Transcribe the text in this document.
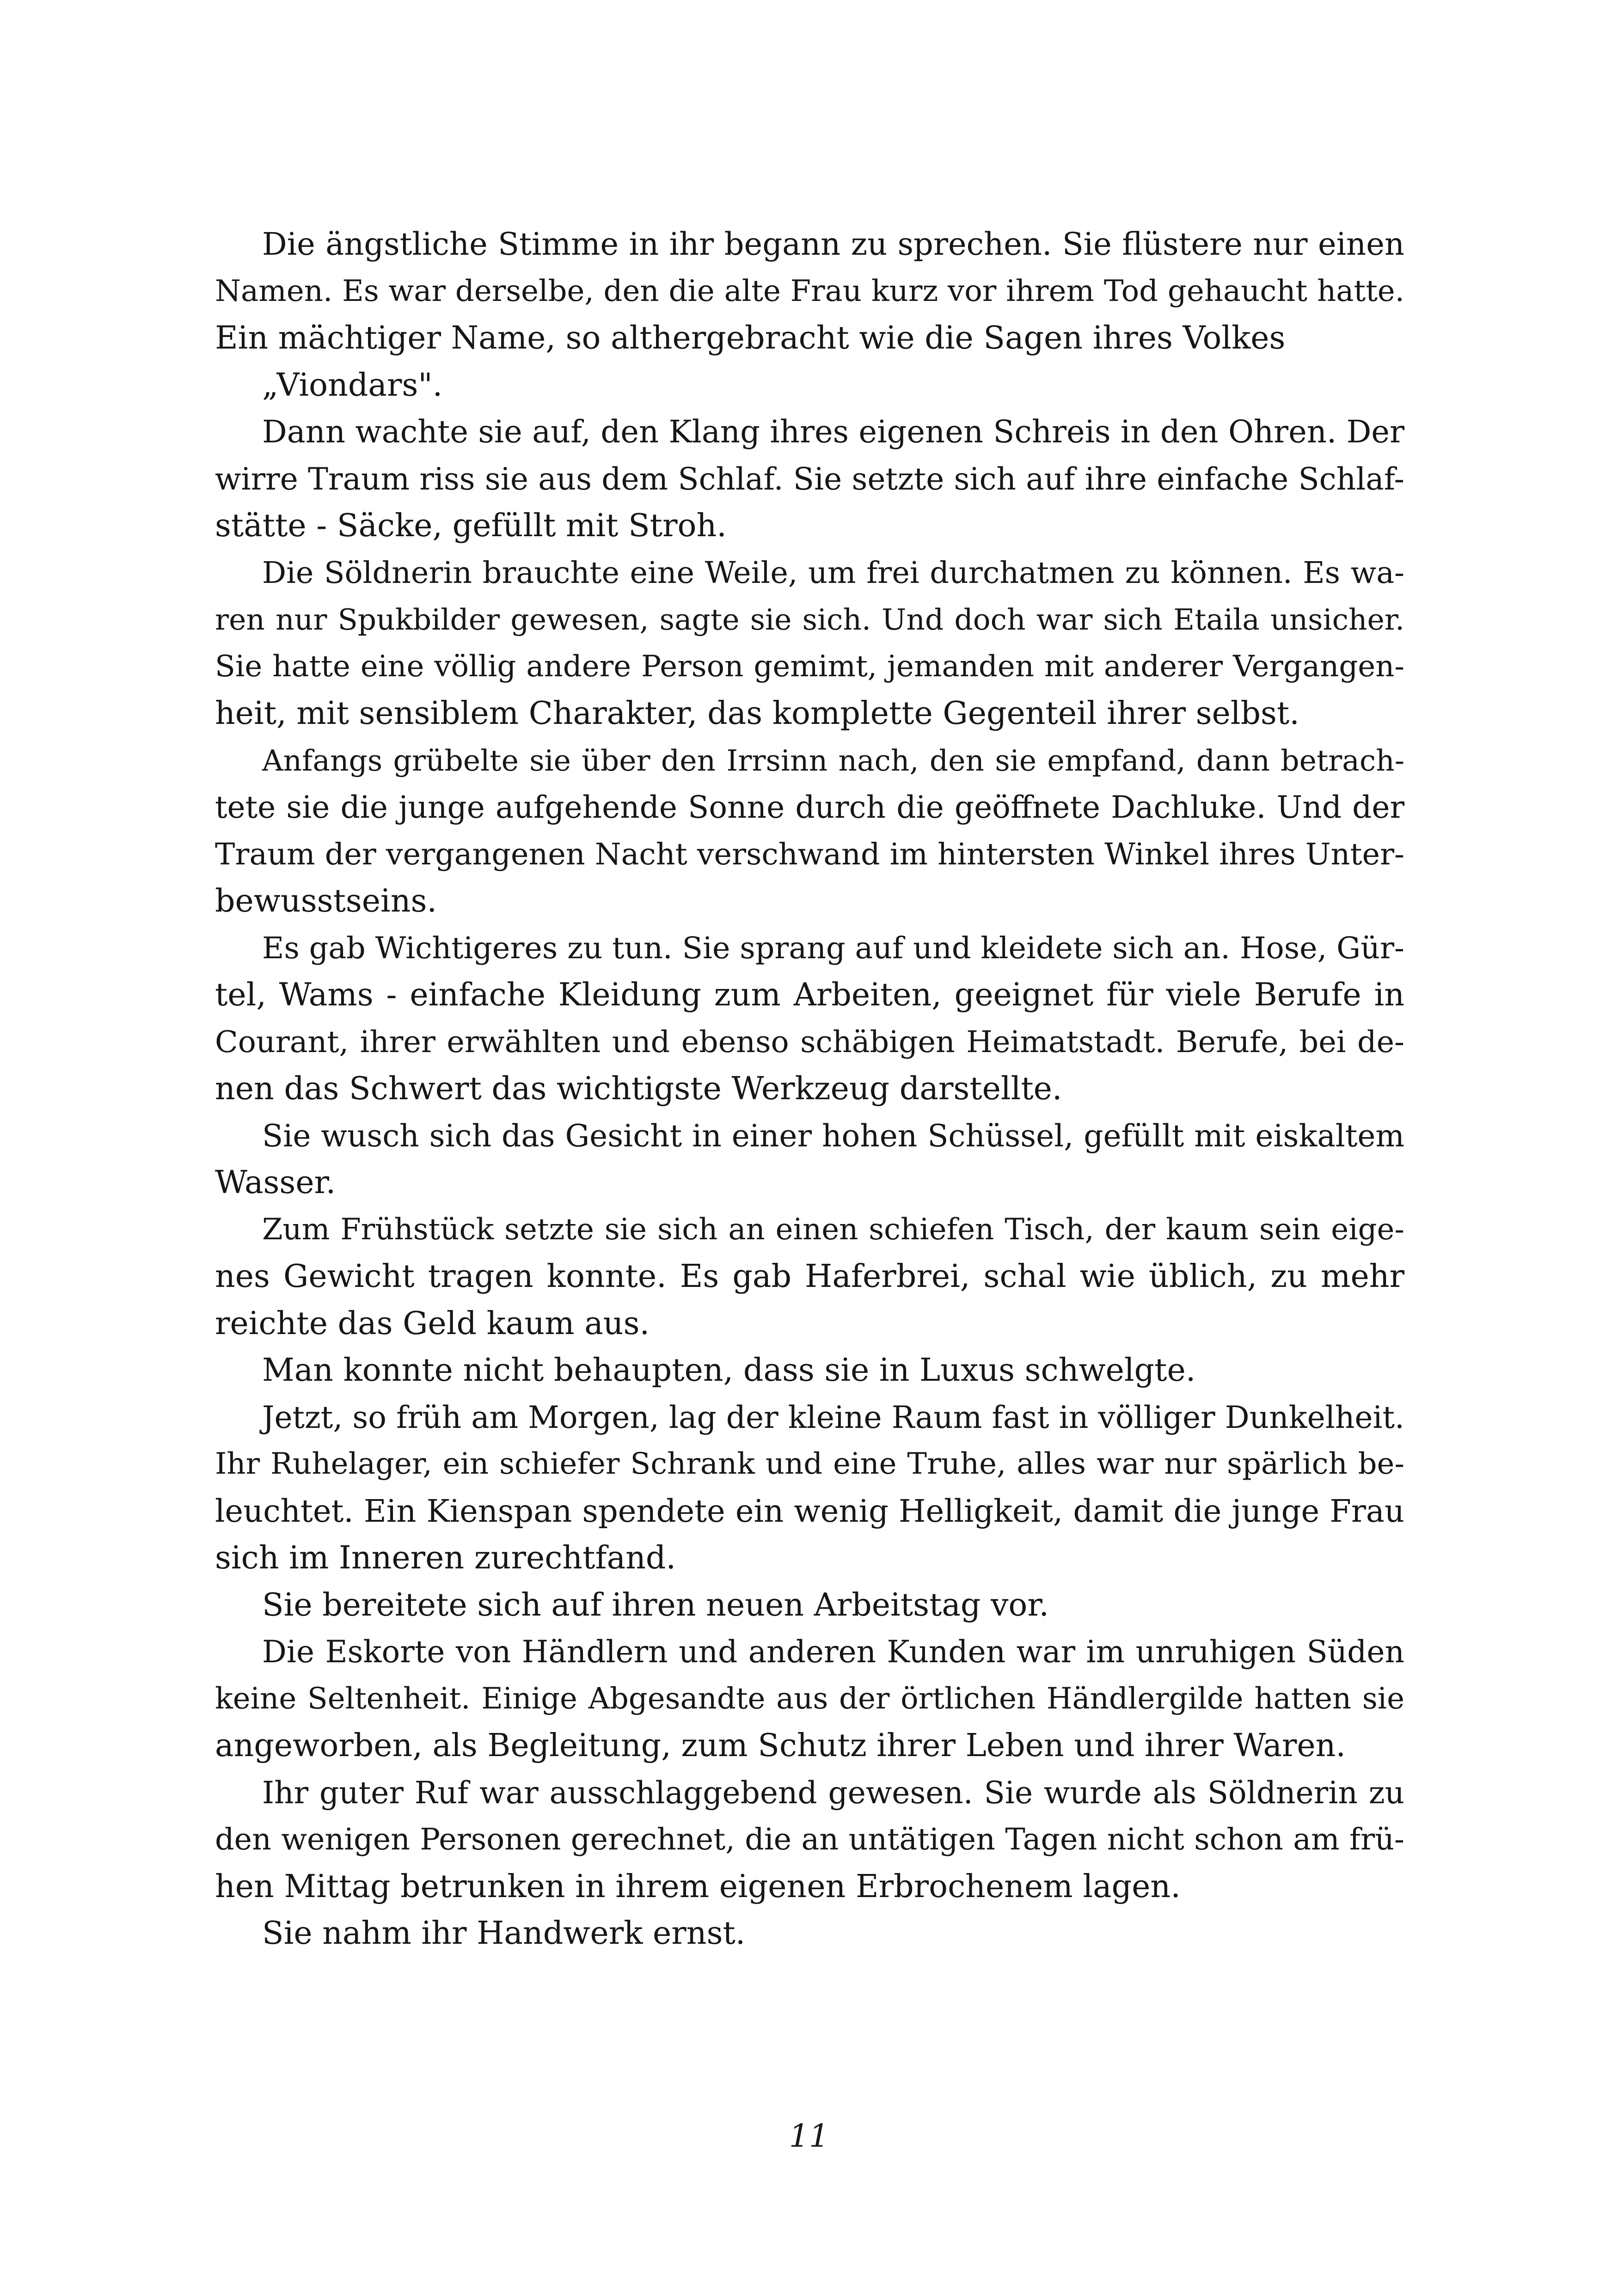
Die ängstliche Stimme in ihr begann zu sprechen. Sie flüstere nur einen
Namen. Es war derselbe, den die alte Frau kurz vor ihrem Tod gehaucht hatte.
Ein mächtiger Name, so althergebracht wie die Sagen ihres Volkes
„Viondars".
Dann wachte sie auf, den Klang ihres eigenen Schreis in den Ohren. Der
wirre Traum riss sie aus dem Schlaf. Sie setzte sich auf ihre einfache Schlaf-
stätte - Säcke, gefüllt mit Stroh.
Die Söldnerin brauchte eine Weile, um frei durchatmen zu können. Es wa-
ren nur Spukbilder gewesen, sagte sie sich. Und doch war sich Etaila unsicher.
Sie hatte eine völlig andere Person gemimt, jemanden mit anderer Vergangen-
heit, mit sensiblem Charakter, das komplette Gegenteil ihrer selbst.
Anfangs grübelte sie über den Irrsinn nach, den sie empfand, dann betrach-
tete sie die junge aufgehende Sonne durch die geöffnete Dachluke. Und der
Traum der vergangenen Nacht verschwand im hintersten Winkel ihres Unter-
bewusstseins.
Es gab Wichtigeres zu tun. Sie sprang auf und kleidete sich an. Hose, Gür-
tel, Wams - einfache Kleidung zum Arbeiten, geeignet für viele Berufe in
Courant, ihrer erwählten und ebenso schäbigen Heimatstadt. Berufe, bei de-
nen das Schwert das wichtigste Werkzeug darstellte.
Sie wusch sich das Gesicht in einer hohen Schüssel, gefüllt mit eiskaltem
Wasser.
Zum Frühstück setzte sie sich an einen schiefen Tisch, der kaum sein eige-
nes Gewicht tragen konnte. Es gab Haferbrei, schal wie üblich, zu mehr
reichte das Geld kaum aus.
Man konnte nicht behaupten, dass sie in Luxus schwelgte.
Jetzt, so früh am Morgen, lag der kleine Raum fast in völliger Dunkelheit.
Ihr Ruhelager, ein schiefer Schrank und eine Truhe, alles war nur spärlich be-
leuchtet. Ein Kienspan spendete ein wenig Helligkeit, damit die junge Frau
sich im Inneren zurechtfand.
Sie bereitete sich auf ihren neuen Arbeitstag vor.
Die Eskorte von Händlern und anderen Kunden war im unruhigen Süden
keine Seltenheit. Einige Abgesandte aus der örtlichen Händlergilde hatten sie
angeworben, als Begleitung, zum Schutz ihrer Leben und ihrer Waren.
Ihr guter Ruf war ausschlaggebend gewesen. Sie wurde als Söldnerin zu
den wenigen Personen gerechnet, die an untätigen Tagen nicht schon am frü-
hen Mittag betrunken in ihrem eigenen Erbrochenem lagen.
Sie nahm ihr Handwerk ernst.
11
